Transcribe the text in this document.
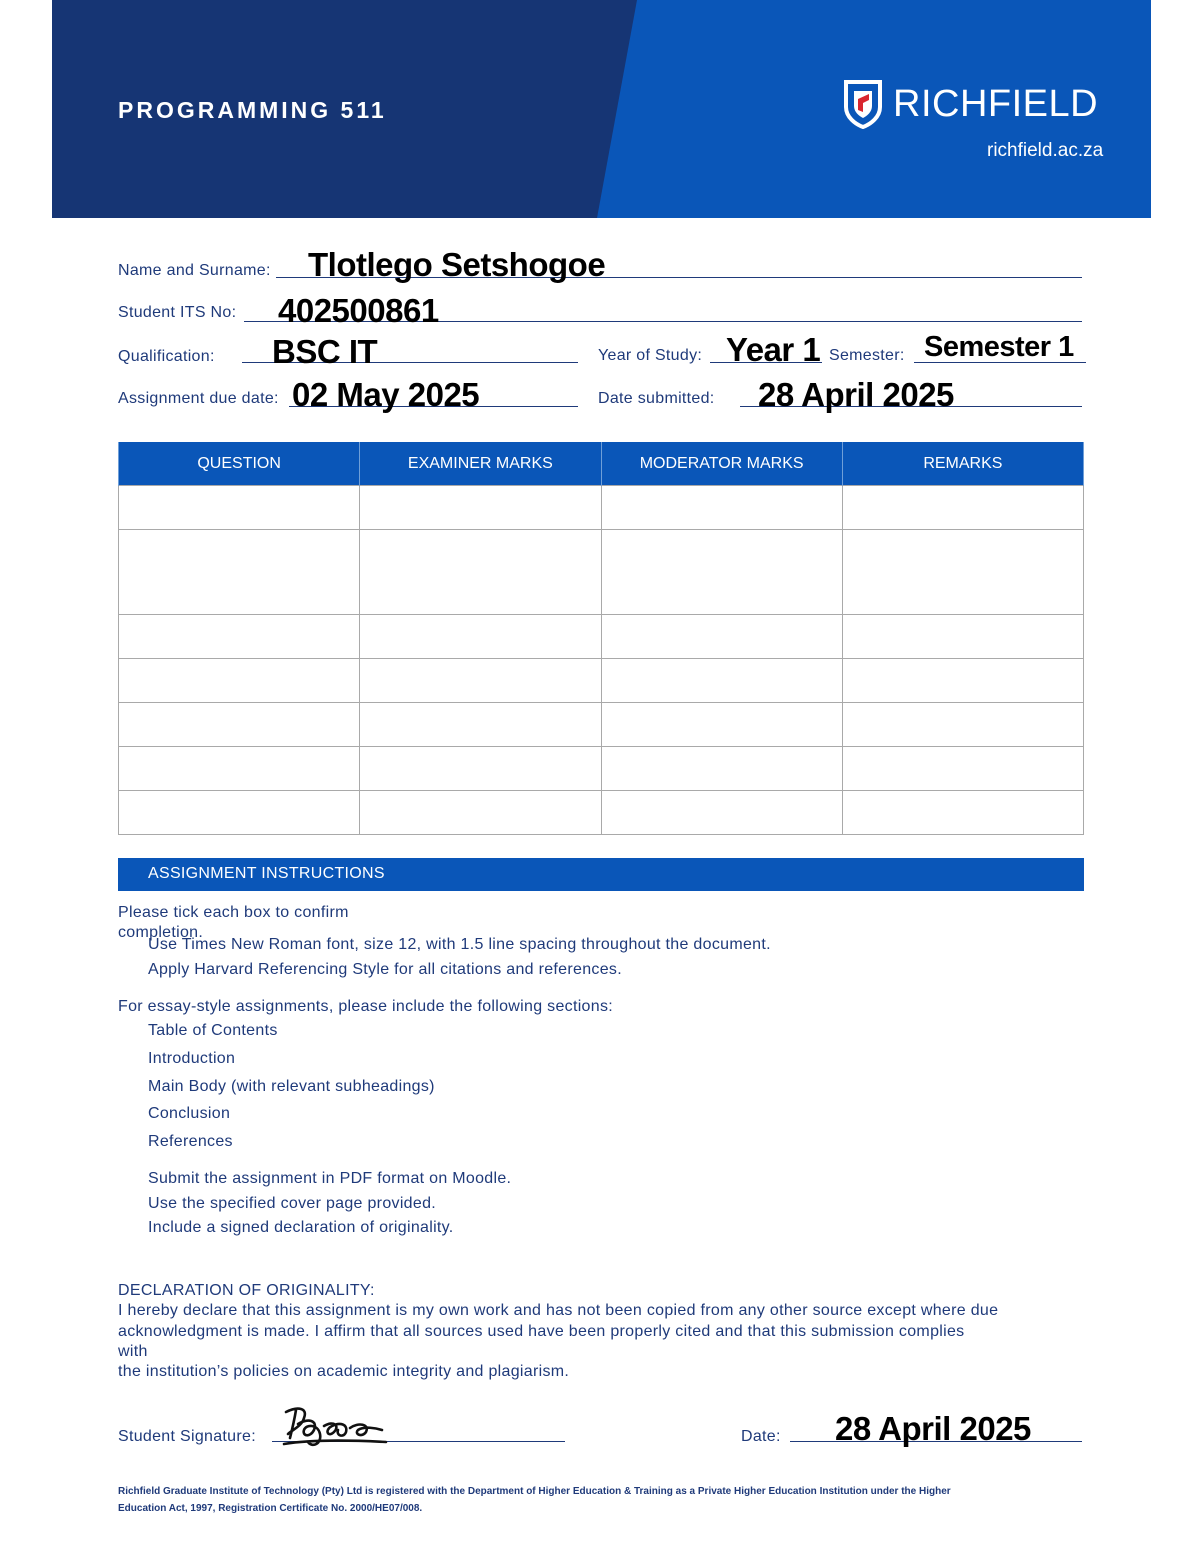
PROGRAMMING 511	RICHFIELD
richfield.ac.za
Name and Surname: Tlotlego Setshogoe
Student ITS No: 402500861
Qualification: BSC IT	Year of Study: Year 1 Semester: Semester 1
Assignment due date: 02 May 2025	Date submitted: 28 April 2025
QUESTION	EXAMINER MARKS	MODERATOR MARKS	REMARKS

ASSIGNMENT INSTRUCTIONS
Please tick each box to confirm completion.
Use Times New Roman font, size 12, with 1.5 line spacing throughout the document.
Apply Harvard Referencing Style for all citations and references.
For essay-style assignments, please include the following sections:
Table of Contents
Introduction
Main Body (with relevant subheadings)
Conclusion
References
Submit the assignment in PDF format on Moodle.
Use the specified cover page provided.
Include a signed declaration of originality.
DECLARATION OF ORIGINALITY:
I hereby declare that this assignment is my own work and has not been copied from any other source except where due
acknowledgment is made. I affirm that all sources used have been properly cited and that this submission complies
with
the institution’s policies on academic integrity and plagiarism.
Student Signature:	Date: 28 April 2025
Richfield Graduate Institute of Technology (Pty) Ltd is registered with the Department of Higher Education & Training as a Private Higher Education Institution under the Higher
Education Act, 1997, Registration Certificate No. 2000/HE07/008.
